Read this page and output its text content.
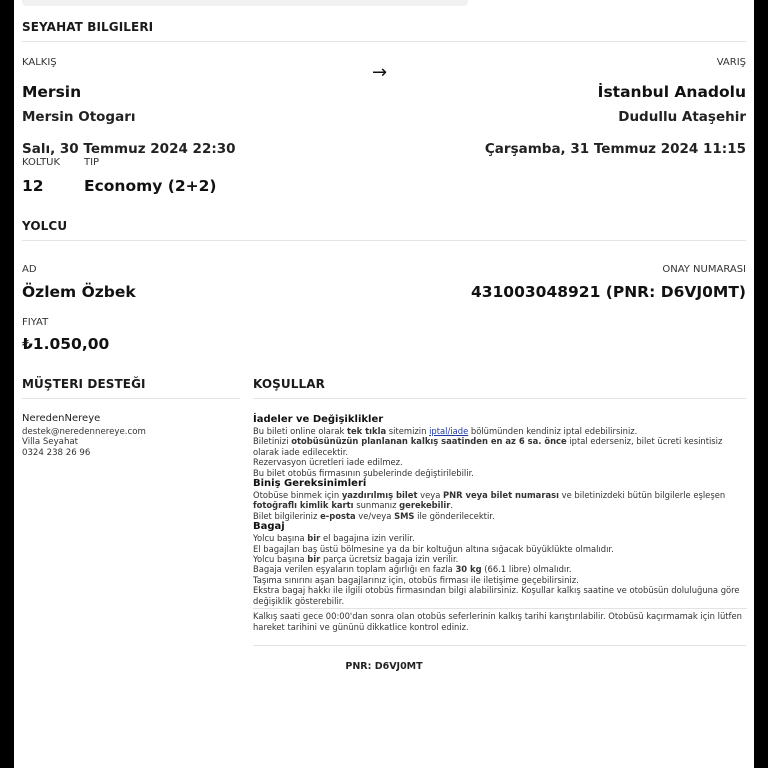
SEYAHAT BILGILERI
KALKIŞ	VARIŞ
→
Mersin	İstanbul Anadolu
Mersin Otogarı	Dudullu Ataşehir
Salı, 30 Temmuz 2024 22:30	Çarşamba, 31 Temmuz 2024 11:15
KOLTUK TIP
12	Economy (2+2)
YOLCU
AD	ONAY NUMARASI
Özlem Özbek	431003048921 (PNR: D6VJ0MT)
FIYAT
₺1.050,00
MÜŞTERI DESTEĞI
NeredenNereye
destek@neredennereye.com
Villa Seyahat
0324 238 26 96
KOŞULLAR

İadeler ve Değişiklikler

Bu bileti online olarak tek tıkla sitemizin iptal/iade bölümünden kendiniz iptal edebilirsiniz.

Biletinizi otobüsünüzün planlanan kalkış saatinden en az 6 sa. önce iptal ederseniz, bilet ücreti kesintisiz olarak iade edilecektir.

Rezervasyon ücretleri iade edilmez.

Bu bilet otobüs firmasının şubelerinde değiştirilebilir.

Biniş Gereksinimleri

Otobüse binmek için yazdırılmış bilet veya PNR veya bilet numarası ve biletinizdeki bütün bilgilerle eşleşen fotoğraflı kimlik kartı sunmanız gerekebilir.

Bilet bilgileriniz e-posta ve/veya SMS ile gönderilecektir.

Bagaj

Yolcu başına bir el bagajına izin verilir.

El bagajları baş üstü bölmesine ya da bir koltuğun altına sığacak büyüklükte olmalıdır.

Yolcu başına bir parça ücretsiz bagaja izin verilir.

Bagaja verilen eşyaların toplam ağırlığı en fazla 30 kg (66.1 libre) olmalıdır.

Taşıma sınırını aşan bagajlarınız için, otobüs firması ile iletişime geçebilirsiniz.

Ekstra bagaj hakkı ile ilgili otobüs firmasından bilgi alabilirsiniz. Koşullar kalkış saatine ve otobüsün doluluğuna göre değişiklik gösterebilir.

Kalkış saati gece 00:00'dan sonra olan otobüs seferlerinin kalkış tarihi karıştırılabilir. Otobüsü kaçırmamak için lütfen hareket tarihini ve gününü dikkatlice kontrol ediniz.

PNR: D6VJ0MT
